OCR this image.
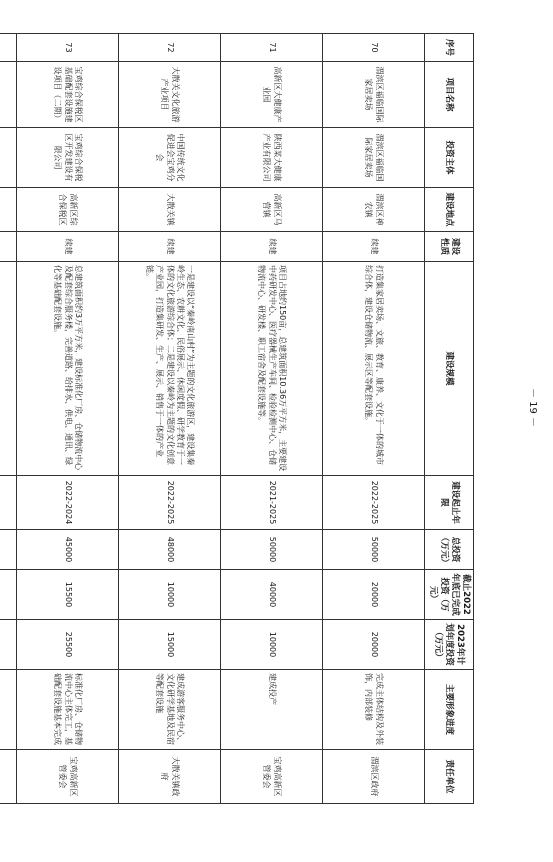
序号	项目名称	投资主体	建设地点	建设性质	建设规模	建设起止年限	总投资（万元）	截止2022年底已完成投资（万元）	2023年计划年度投资（万元）	主要形象进度	责任单位
70	渭滨区福临国际家居卖场	渭滨区福临国际家居卖场	渭滨区神农镇	续建	打造集家居卖场、文旅、教育、康养、文化于一体的城市综合体，建设仓储物流、展示区等配套设施。	2022-2025	50000	20000	20000	完成主体结构及外装饰，内部装修	渭滨区政府
71	高新区大健康产业园	陕西某大健康产业有限公司	高新区马营镇	续建	项目占地约150亩，总建筑面积10.36万平方米，主要建设中药研发中心、医疗器械生产车间、检验检测中心、仓储物流中心、研发楼、职工宿舍及配套设施等。	2021-2025	50000	40000	10000	建成投产	宝鸡高新区管委会
72	大散关文化旅游产业项目	中国传统文化促进会宝鸡分会	大散关镇	续建	一是建设以“秦岭南山村”为主题的文化旅游区，建设集秦岭生态、农耕文化、民俗展示、休闲度假、研学教育于一体的文化旅游综合体；二是建设以秦岭为主题的文化创意产业园，打造集研发、生产、展示、销售于一体的产业链。	2022-2025	48000	10000	15000	建成游客服务中心、文化研学基地及民宿等配套设施	大散关镇政府
73	宝鸡综合保税区基础配套设施建设项目（二期）	宝鸡综合保税区开发建设有限公司	高新区综合保税区	续建	总建筑面积约3万平方米，建设标准化厂房、仓储物流中心及配套综合服务楼，完善道路、给排水、供电、通讯、绿化等基础配套设施。	2022-2024	45000	15500	25500	标准化厂房、仓储物流中心主体完工，基础配套设施基本完成	宝鸡高新区管委会

－ 19 －
